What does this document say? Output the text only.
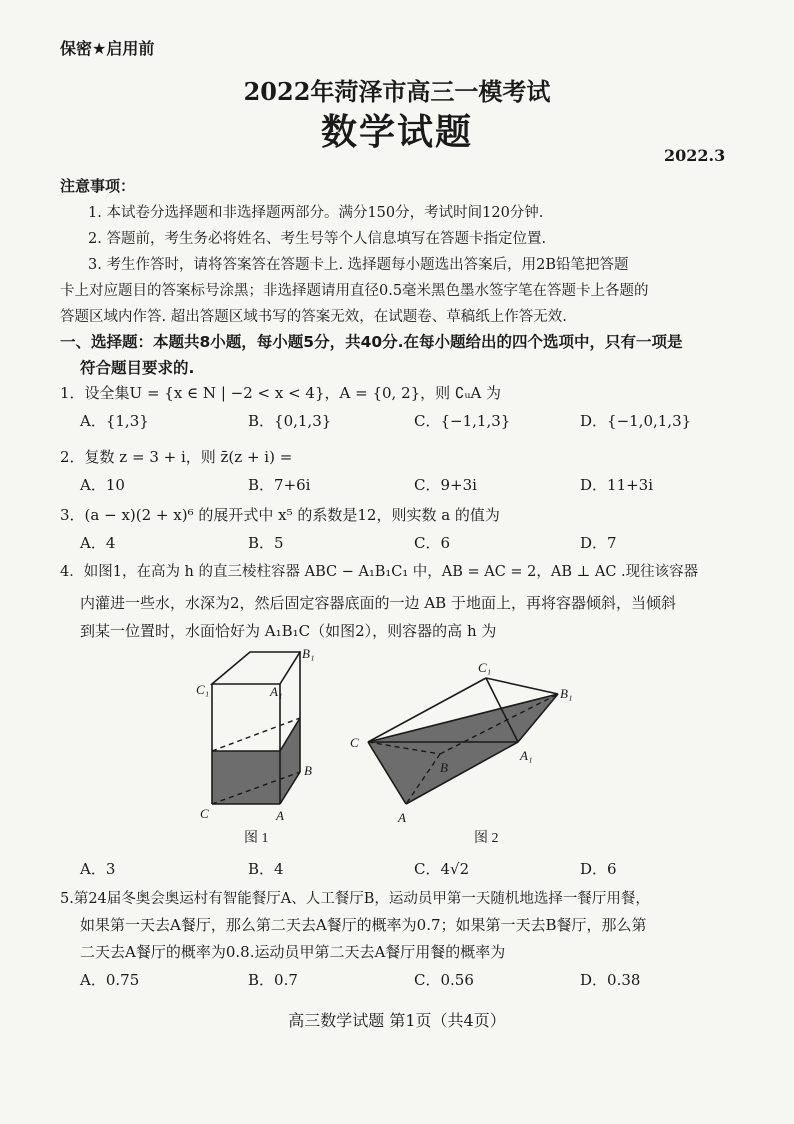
保密★启用前
2022年菏泽市高三一模考试
数学试题
2022.3
注意事项：
1. 本试卷分选择题和非选择题两部分。满分150分，考试时间120分钟.
2. 答题前，考生务必将姓名、考生号等个人信息填写在答题卡指定位置.
3. 考生作答时，请将答案答在答题卡上. 选择题每小题选出答案后，用2B铅笔把答题
卡上对应题目的答案标号涂黑；非选择题请用直径0.5毫米黑色墨水签字笔在答题卡上各题的
答题区域内作答. 超出答题区域书写的答案无效，在试题卷、草稿纸上作答无效.
一、选择题：本题共8小题，每小题5分，共40分.在每小题给出的四个选项中，只有一项是
符合题目要求的.
1．设全集U = {x ∈ N | −2 < x < 4}，A = {0, 2}，则 ∁ᵤA 为
A．{1,3}	B．{0,1,3}	C．{−1,1,3}	D．{−1,0,1,3}
2．复数 z = 3 + i，则 z̄(z + i) =
A．10	B．7+6i	C．9+3i	D．11+3i
3．(a − x)(2 + x)⁶ 的展开式中 x⁵ 的系数是12，则实数 a 的值为
A．4	B．5	C．6	D．7
4．如图1，在高为 h 的直三棱柱容器 ABC − A₁B₁C₁ 中，AB = AC = 2，AB ⊥ AC .现往该容器
内灌进一些水，水深为2，然后固定容器底面的一边 AB 于地面上，再将容器倾斜，当倾斜
到某一位置时，水面恰好为 A₁B₁C（如图2），则容器的高 h 为
B₁
C₁	A₁
B
C	A
图 1
C₁
B₁
C
A₁
B
A
图 2
A．3	B．4	C．4√2	D．6
5.第24届冬奥会奥运村有智能餐厅A、人工餐厅B，运动员甲第一天随机地选择一餐厅用餐，
如果第一天去A餐厅，那么第二天去A餐厅的概率为0.7；如果第一天去B餐厅，那么第
二天去A餐厅的概率为0.8.运动员甲第二天去A餐厅用餐的概率为
A．0.75	B．0.7	C．0.56	D．0.38
高三数学试题 第1页（共4页）
